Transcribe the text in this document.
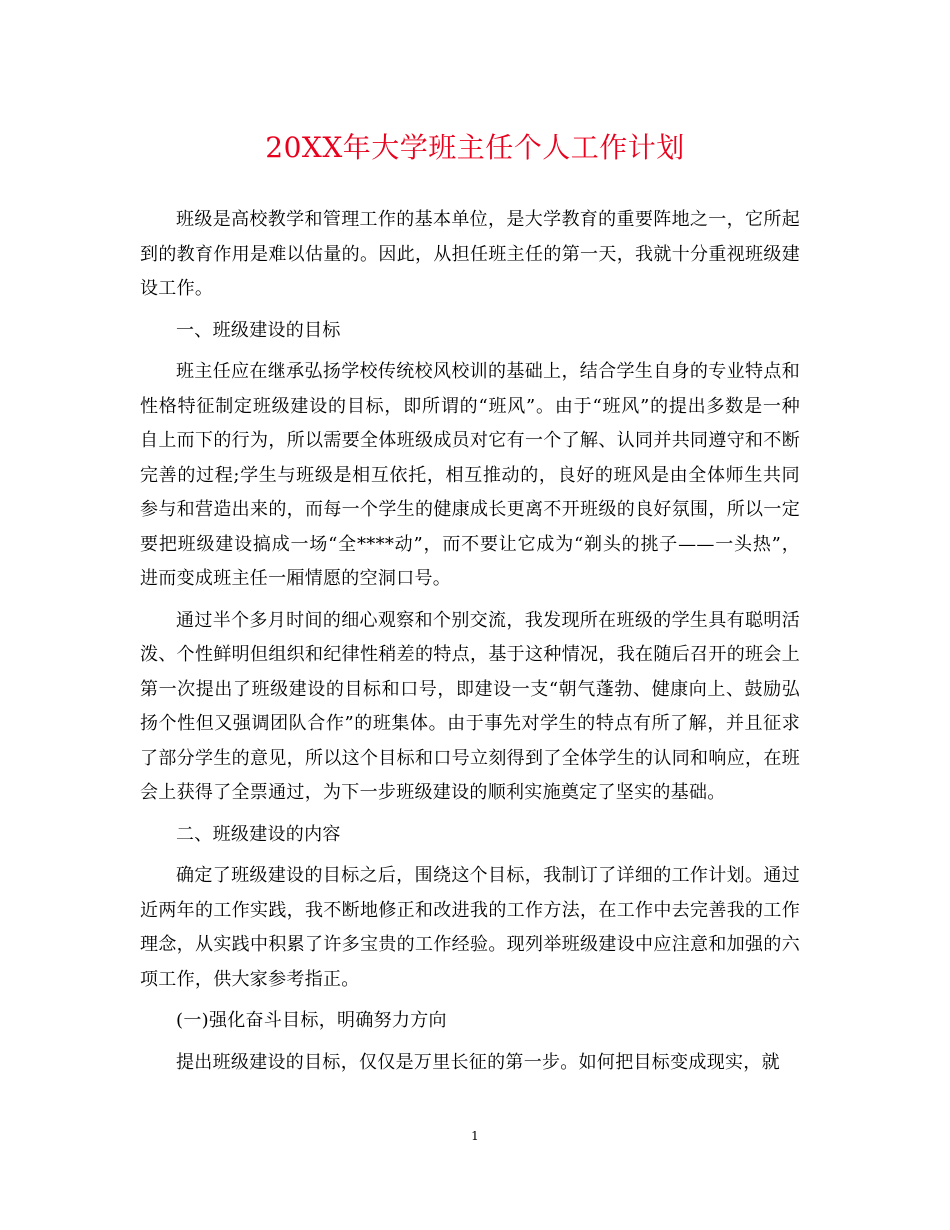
20XX年大学班主任个人工作计划

班级是高校教学和管理工作的基本单位，是大学教育的重要阵地之一，它所起到的教育作用是难以估量的。因此，从担任班主任的第一天，我就十分重视班级建设工作。

一、班级建设的目标

班主任应在继承弘扬学校传统校风校训的基础上，结合学生自身的专业特点和性格特征制定班级建设的目标，即所谓的“班风”。由于“班风”的提出多数是一种自上而下的行为，所以需要全体班级成员对它有一个了解、认同并共同遵守和不断完善的过程;学生与班级是相互依托，相互推动的，良好的班风是由全体师生共同参与和营造出来的，而每一个学生的健康成长更离不开班级的良好氛围，所以一定要把班级建设搞成一场“全****动”，而不要让它成为“剃头的挑子——一头热”，进而变成班主任一厢情愿的空洞口号。

通过半个多月时间的细心观察和个别交流，我发现所在班级的学生具有聪明活泼、个性鲜明但组织和纪律性稍差的特点，基于这种情况，我在随后召开的班会上第一次提出了班级建设的目标和口号，即建设一支“朝气蓬勃、健康向上、鼓励弘扬个性但又强调团队合作”的班集体。由于事先对学生的特点有所了解，并且征求了部分学生的意见，所以这个目标和口号立刻得到了全体学生的认同和响应，在班会上获得了全票通过，为下一步班级建设的顺利实施奠定了坚实的基础。

二、班级建设的内容

确定了班级建设的目标之后，围绕这个目标，我制订了详细的工作计划。通过近两年的工作实践，我不断地修正和改进我的工作方法，在工作中去完善我的工作理念，从实践中积累了许多宝贵的工作经验。现列举班级建设中应注意和加强的六项工作，供大家参考指正。

(一)强化奋斗目标，明确努力方向

提出班级建设的目标，仅仅是万里长征的第一步。如何把目标变成现实，就

1
